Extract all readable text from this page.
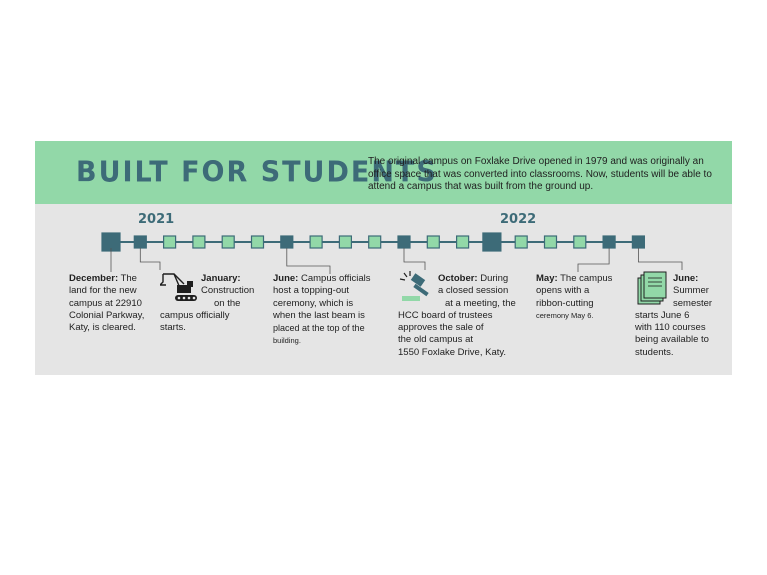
BUILT FOR STUDENTS
The original campus on Foxlake Drive opened in 1979 and was originally an office space that was converted into classrooms. Now, students will be able to attend a campus that was built from the ground up.
2021	2022
December: The
land for the new
campus at 22910
Colonial Parkway,
Katy, is cleared.
January:
Construction
on the
campus officially
starts.
June: Campus officials
host a topping-out
ceremony, which is
when the last beam is
placed at the top of the
building.
October: During
a closed session
at a meeting, the
HCC board of trustees
approves the sale of
the old campus at
1550 Foxlake Drive, Katy.
May: The campus
opens with a
ribbon-cutting
ceremony May 6.
June:
Summer
semester
starts June 6
with 110 courses
being available to
students.
